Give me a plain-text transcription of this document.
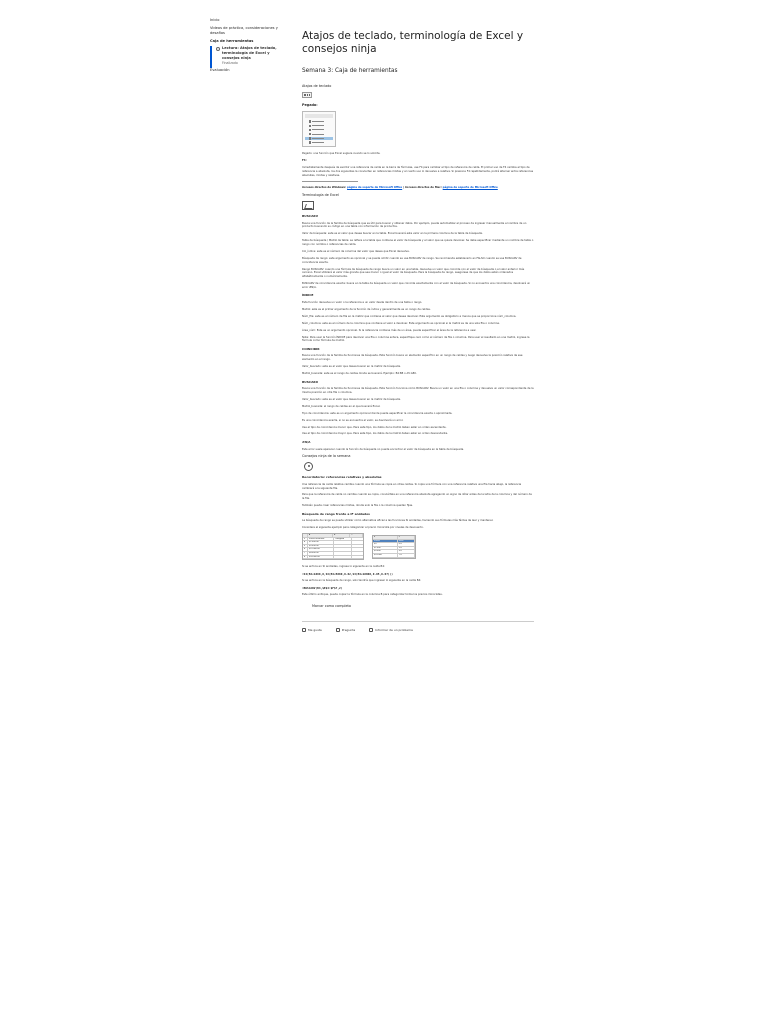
Inicio
Videos de práctica, consideraciones y desafíos
Caja de herramientas
Lectura: Atajos de teclado, terminología de Excel y consejos ninja
Finalizado
Evaluación
Atajos de teclado, terminología de Excel y consejos ninja
Semana 3: Caja de herramientas
Atajos de teclado
Pegado:

Pegado: una función que Excel sugiere cuando se lo solicite.

F4:

Inmediatamente después de escribir una referencia de celda en la barra de fórmulas, use F4 para cambiar el tipo de referencia de celda. El primer uso de F4 cambia el tipo de referencia a absoluta, los dos siguientes la convierten en referencias mixtas y el cuarto uso lo devuelve a relativa. Si presiona F4 repetidamente, podrá alternar entre referencias absolutas, mixtas y relativas.

Accesos directos de Windows: página de soporte de Microsoft Office | Accesos directos de Mac: página de soporte de Microsoft Office

Terminología de Excel
BUSCARV

Busca una función de la familia de búsqueda que es útil para buscar y obtener datos. Por ejemplo, puede automatizar el proceso de ingresar manualmente el nombre de un producto buscando su código en una tabla con información de productos.

Valor de búsqueda: este es el valor que desea buscar en la tabla. Excel buscará este valor en la primera columna de la tabla de búsqueda.

Tabla de búsqueda / Matriz de tabla: se refiere a la tabla que contiene el valor de búsqueda y el valor que se quiere devolver. Se debe especificar mediante un nombre de tabla o rango con nombre o referencias de celda.

Col_índice: este es el número de columna del valor que desea que Excel devuelva.

Búsqueda de rango: este argumento es opcional y se puede omitir cuando se use BUSCARV de rango. Se recomienda establecerlo en FALSO cuando se usa BUSCARV de coincidencia exacta.

Rango BUSCARV: cuando una fórmula de búsqueda de rango busca un valor en una tabla, devuelve un valor que coincide con el valor de búsqueda o el valor anterior más cercano. Excel utilizará el valor más grande que sea menor o igual al valor de búsqueda. Para la búsqueda de rango, asegúrese de que los datos estén ordenados alfabéticamente o numéricamente.

BUSCARV de coincidencia exacta: busca en la tabla de búsqueda un valor que coincide exactamente con el valor de búsqueda. Si no encuentra una coincidencia, devolverá un error #N/A.

ÍNDICE

Esta función devuelve un valor o la referencia a un valor desde dentro de una tabla o rango.

Matriz: este es el primer argumento de la función de índice y generalmente es un rango de celdas.

Núm_fila: este es el número de fila en la matriz que contiene el valor que desea devolver. Este argumento es obligatorio a menos que se proporcione núm_columna.

Núm_columna: este es el número de la columna que contiene el valor a devolver. Este argumento es opcional si la matriz es de una sola fila o columna.

Área_núm: Este es un argumento opcional. Si la referencia contiene más de un área, puede especificar el área de la referencia a usar.

Nota: Para usar la función ÍNDICE para devolver una fila o columna entera, especifique cero como el número de fila o columna. Para usar el resultado en una matriz, ingrese la fórmula como fórmula de matriz.

COINCIDIR

Busca una función de la familia de funciones de búsqueda. Esta función busca un elemento específico en un rango de celdas y luego devuelve la posición relativa de ese elemento en el rango.

Valor_buscado: este es el valor que desea buscar en la matriz de búsqueda.

Matriz_buscada: este es el rango de celdas donde se buscará. Ejemplo: B4:B8 o A5:A80.

BUSCARX

Busca una función de la familia de funciones de búsqueda. Esta función funciona como BUSCARV. Busca un valor en una fila o columna y devuelve un valor correspondiente de la misma posición en otra fila o columna.

Valor_buscado: este es el valor que desea buscar en la matriz de búsqueda.

Matriz_buscada: el rango de celdas en el que buscará Excel.

Tipo de coincidencia: este es un argumento opcional donde puede especificar la coincidencia exacta o aproximada.

Es una coincidencia exacta, si no se encuentra el valor, se devolverá un error.

Use el tipo de coincidencia menor que. Para este tipo, los datos de la matriz deben estar en orden ascendente.

Use el tipo de coincidencia mayor que. Para este tipo, los datos de la matriz deben estar en orden descendente.

#N/A

Este error suele aparecer cuando la función de búsqueda no puede encontrar el valor de búsqueda en la tabla de búsqueda.

Consejos ninja de la semana
Recordatorio: referencias relativas y absolutas

Una referencia de celda relativa cambia cuando una fórmula se copia en otras celdas. Si copia una fórmula con una referencia relativa una fila hacia abajo, la referencia cambiará a la siguiente fila.

Para que la referencia de celda no cambie cuando se copia, conviértala en una referencia absoluta agregando un signo de dólar antes de la letra de la columna y del número de la fila.

También puede crear referencias mixtas, donde solo la fila o la columna quedan fijas.

Búsqueda de rango frente a IF anidados

La búsqueda de rango se puede utilizar como alternativa eficaz a las funciones SI anidadas, haciendo sus fórmulas más fáciles de leer y mantener.

Considere el siguiente ejemplo para categorizar el precio minorista por niveles de descuento.

A	B	C
3	Precio minorista	Categoría
4	$1,000.00
5	$5,500.00
6	$12,000.00
7	$8,000.00
8	$20,000.00
E	F
Precio	Desc.
$0	0%
$1,000	2%
$5,000	5%
$10,000	7%

Si se enfoca en SI anidadas, ingrese lo siguiente en la celda B4:

=SI(B4<1000,0,SI(B4<5000,0.02,SI(B4<10000,0.05,0.07)))

Si se enfoca en la búsqueda de rango, solo tendría que ingresar lo siguiente en la celda B4:

=BUSCARV(B4,$E$4:$F$7,2)

Este último enfoque, puede copiar la fórmula en la columna B para categorizar todos los precios minoristas.

Marcar como completo
Me gusta	Pregunta	Informar de un problema
